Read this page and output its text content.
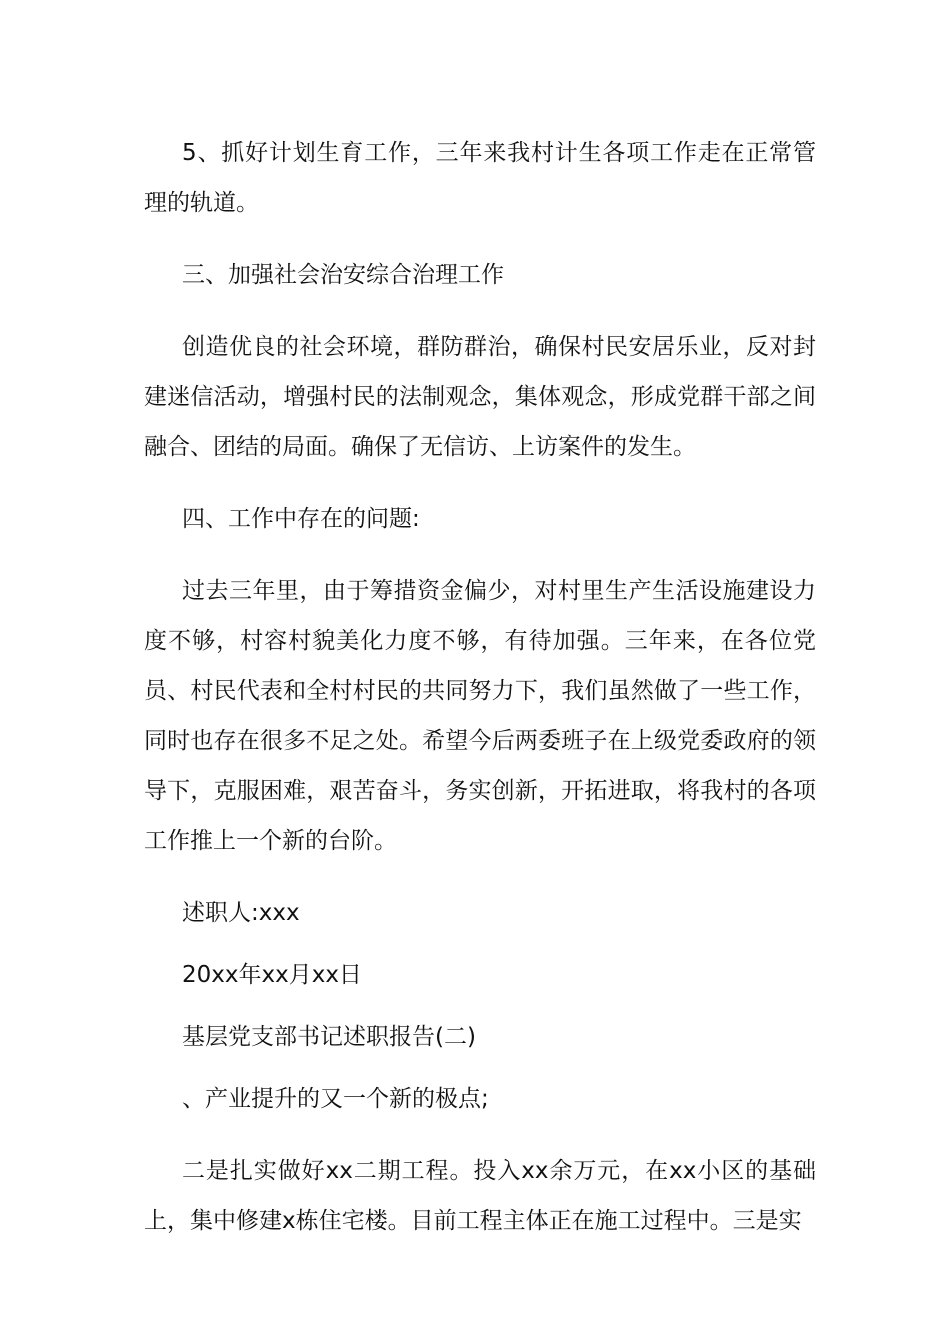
5、抓好计划生育工作，三年来我村计生各项工作走在正常管理的轨道。

三、加强社会治安综合治理工作

创造优良的社会环境，群防群治，确保村民安居乐业，反对封建迷信活动，增强村民的法制观念，集体观念，形成党群干部之间融合、团结的局面。确保了无信访、上访案件的发生。

四、工作中存在的问题:

过去三年里，由于筹措资金偏少，对村里生产生活设施建设力度不够，村容村貌美化力度不够，有待加强。三年来，在各位党员、村民代表和全村村民的共同努力下，我们虽然做了一些工作，同时也存在很多不足之处。希望今后两委班子在上级党委政府的领导下，克服困难，艰苦奋斗，务实创新，开拓进取，将我村的各项工作推上一个新的台阶。

述职人:xxx

20xx年xx月xx日

基层党支部书记述职报告(二)

、产业提升的又一个新的极点;

二是扎实做好xx二期工程。投入xx余万元，在xx小区的基础上，集中修建x栋住宅楼。目前工程主体正在施工过程中。三是实
